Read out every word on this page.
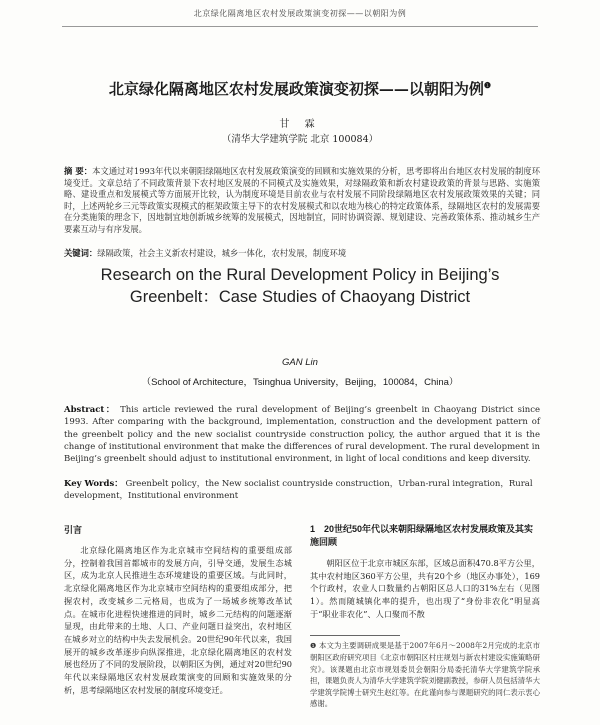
北京绿化隔离地区农村发展政策演变初探——以朝阳为例
北京绿化隔离地区农村发展政策演变初探——以朝阳为例$^❶$
甘 霖
（清华大学建筑学院 北京 100084）
摘 要：本文通过对1993年代以来朝阳绿隔地区农村发展政策演变的回顾和实施效果的分析，思考即将出台地区农村发展的制度环境变迁。文章总结了不同政策背景下农村地区发展的不同模式及实施效果，对绿隔政策和新农村建设政策的背景与思路、实施策略、建设重点和发展模式等方面展开比较，认为制度环境是目前农业与农村发展不同阶段绿隔地区农村发展政策效果的关键；同时，上述两轮乡三元等政策实现模式的框架政策主导下的农村发展模式和以农地为核心的特定政策体系，绿隔地区农村的发展需要在分类施策的理念下，因地制宜地创新城乡统筹的发展模式，因地制宜，同时协调资源、规划建设、完善政策体系、推动城乡生产要素互动与有序发展。
关键词：绿隔政策，社会主义新农村建设，城乡一体化，农村发展，制度环境
Research on the Rural Development Policy in Beijing’s
Greenbelt：Case Studies of Chaoyang District
GAN Lin
（School of Architecture，Tsinghua University，Beijing，100084，China）
Abstract： This article reviewed the rural development of Beijing’s greenbelt in Chaoyang District since 1993. After comparing with the background, implementation, construction and the development pattern of the greenbelt policy and the new socialist countryside construction policy, the author argued that it is the change of institutional environment that make the differences of rural development. The rural development in Beijing’s greenbelt should adjust to institutional environment, in light of local conditions and keep diversity.
Key Words： Greenbelt policy，the New socialist countryside construction，Urban-rural integration，Rural development，Institutional environment
引言

北京绿化隔离地区作为北京城市空间结构的重要组成部分，控制着我国首都城市的发展方向，引导交通，发展生态城区，成为北京人民推进生态环境建设的重要区域。与此同时，北京绿化隔离地区作为北京城市空间结构的重要组成部分，把握农村，改变城乡二元格局，也成为了一场城乡统筹改革试点。在城市化进程快速推进的同时，城乡二元结构的问题逐渐显现，由此带来的土地、人口、产业问题日益突出，农村地区在城乡对立的结构中失去发展机会。20世纪90年代以来，我国展开的城乡改革逐步向纵深推进，北京绿化隔离地区的农村发展也经历了不同的发展阶段，以朝阳区为例，通过对20世纪90年代以来绿隔地区农村发展政策演变的回顾和实施效果的分析，思考绿隔地区农村发展的制度环境变迁。

1　20世纪50年代以来朝阳绿隔地区农村发展政策及其实施回顾

朝阳区位于北京市城区东部，区域总面积470.8平方公里，其中农村地区360平方公里，共有20个乡（地区办事处），169个行政村，农业人口数量约占朝阳区总人口的31%左右（见图1）。然而随城镇化率的提升，也出现了“身份非农化”明显高于“职业非农化”、人口聚而不散

❶ 本文为主要调研成果是基于2007年6月～2008年2月完成的北京市朝阳区政府研究项目《北京市朝阳区村庄规划与新农村建设实施策略研究》。该课题由北京市规划委员会朝阳分局委托清华大学建筑学院承担，课题负责人为清华大学建筑学院刘健副教授，参研人员包括清华大学建筑学院博士研究生赵红等。在此谨向参与课题研究的同仁表示衷心感谢。
